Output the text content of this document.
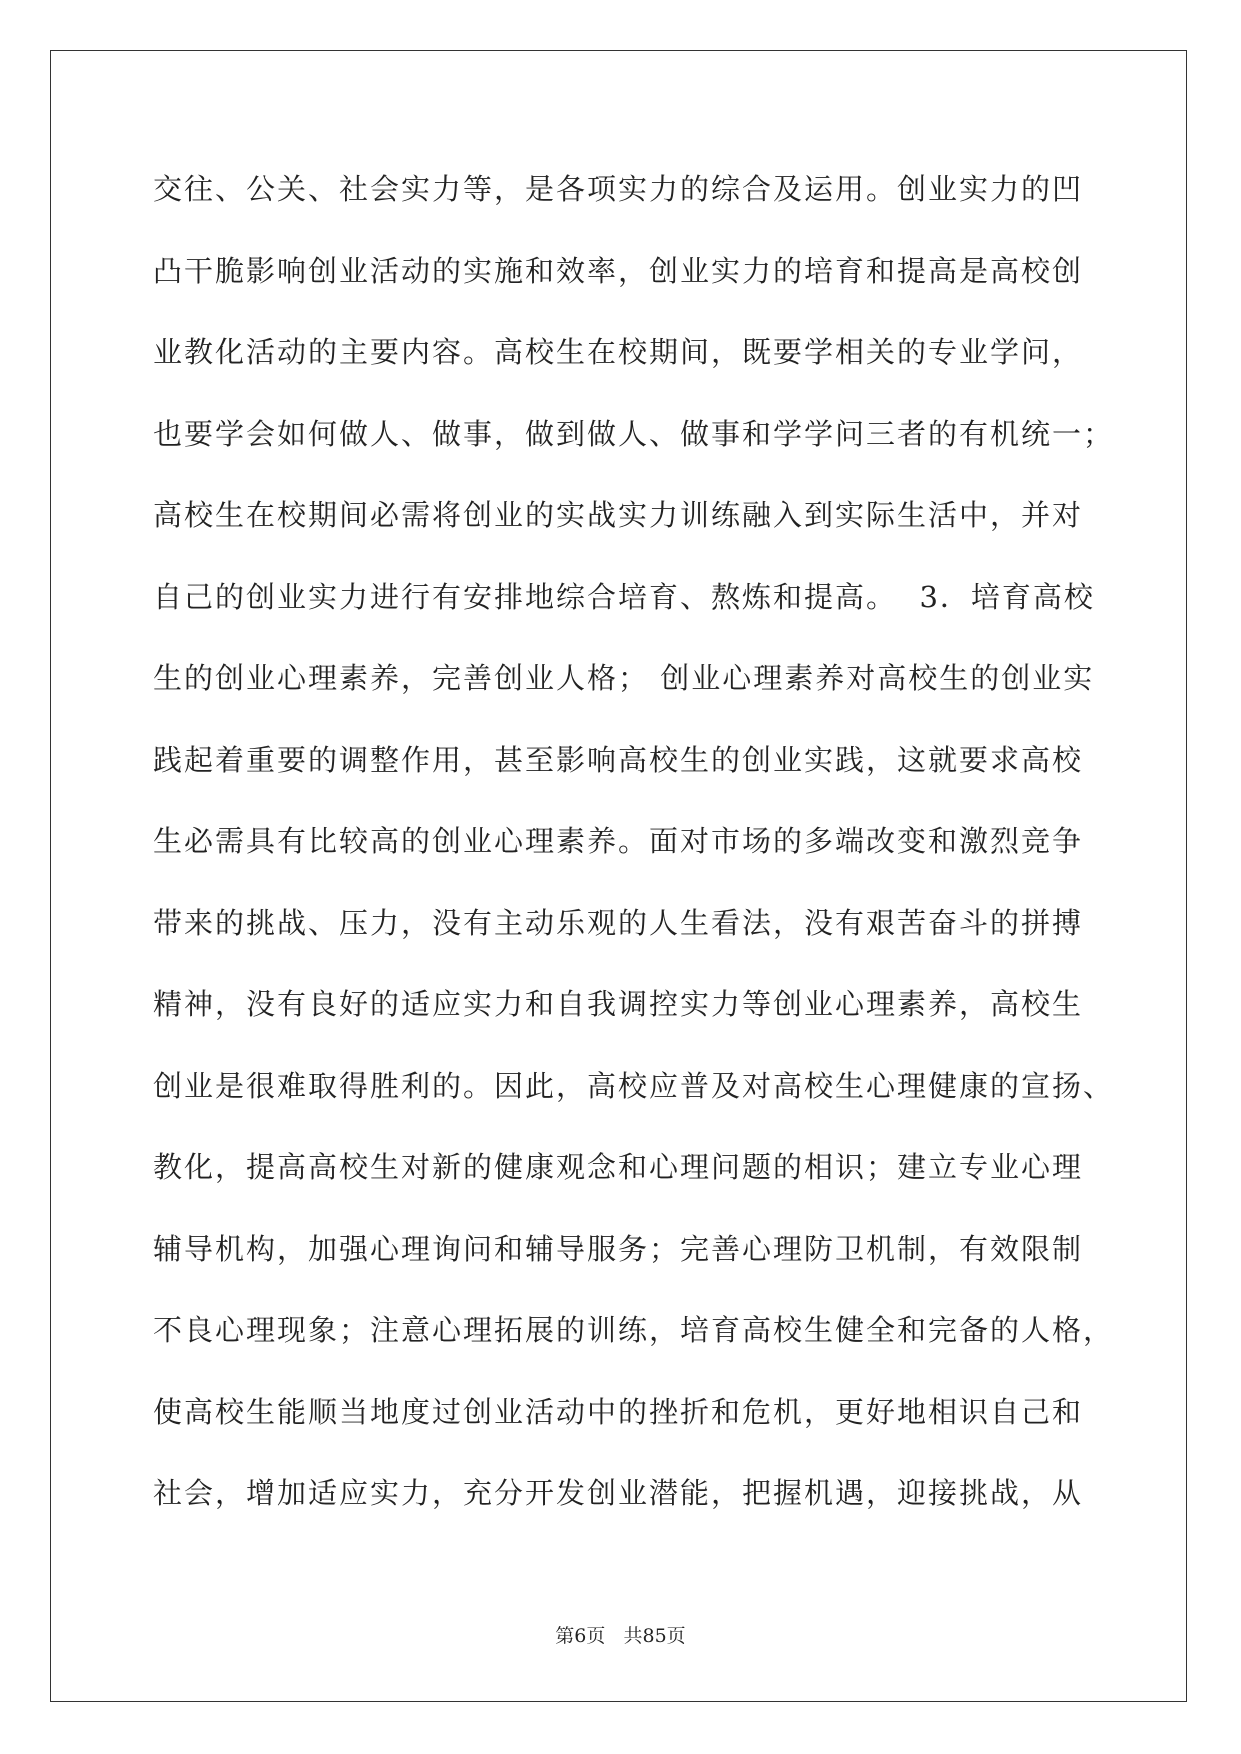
交往、公关、社会实力等，是各项实力的综合及运用。创业实力的凹
凸干脆影响创业活动的实施和效率，创业实力的培育和提高是高校创
业教化活动的主要内容。高校生在校期间，既要学相关的专业学问，
也要学会如何做人、做事，做到做人、做事和学学问三者的有机统一；
高校生在校期间必需将创业的实战实力训练融入到实际生活中，并对
自己的创业实力进行有安排地综合培育、熬炼和提高。  3．培育高校
生的创业心理素养，完善创业人格； 创业心理素养对高校生的创业实
践起着重要的调整作用，甚至影响高校生的创业实践，这就要求高校
生必需具有比较高的创业心理素养。面对市场的多端改变和激烈竞争
带来的挑战、压力，没有主动乐观的人生看法，没有艰苦奋斗的拼搏
精神，没有良好的适应实力和自我调控实力等创业心理素养，高校生
创业是很难取得胜利的。因此，高校应普及对高校生心理健康的宣扬、
教化，提高高校生对新的健康观念和心理问题的相识；建立专业心理
辅导机构，加强心理询问和辅导服务；完善心理防卫机制，有效限制
不良心理现象；注意心理拓展的训练，培育高校生健全和完备的人格，
使高校生能顺当地度过创业活动中的挫折和危机，更好地相识自己和
社会，增加适应实力，充分开发创业潜能，把握机遇，迎接挑战，从
第6页   共85页
